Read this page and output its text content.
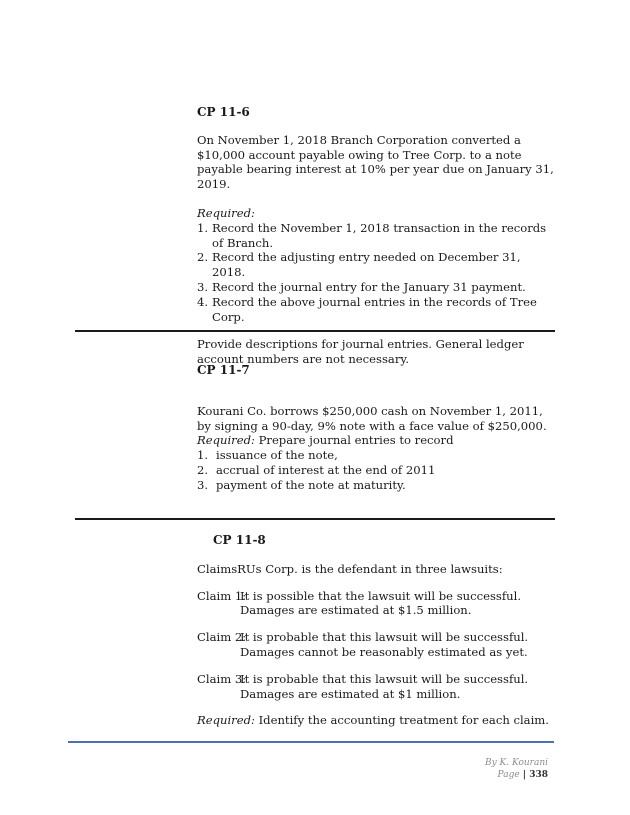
CP 11-6

On November 1, 2018 Branch Corporation converted a $10,000 account payable owing to Tree Corp. to a note payable bearing interest at 10% per year due on January 31, 2019.

Required:

1. Record the November 1, 2018 transaction in the records of Branch.
2. Record the adjusting entry needed on December 31, 2018.
3. Record the journal entry for the January 31 payment.
4. Record the above journal entries in the records of Tree Corp.

Provide descriptions for journal entries. General ledger account numbers are not necessary.

CP 11-7

Kourani Co. borrows $250,000 cash on November 1, 2011, by signing a 90-day, 9% note with a face value of $250,000.

Required: Prepare journal entries to record

1. issuance of the note,
2. accrual of interest at the end of 2011
3. payment of the note at maturity.

CP 11-8

ClaimsRUs Corp. is the defendant in three lawsuits:

Claim 1:
It is possible that the lawsuit will be successful. Damages are estimated at $1.5 million.
Claim 2:
It is probable that this lawsuit will be successful. Damages cannot be reasonably estimated as yet.
Claim 3:
It is probable that this lawsuit will be successful. Damages are estimated at $1 million.

Required: Identify the accounting treatment for each claim.

By K. Kourani
Page | 338
